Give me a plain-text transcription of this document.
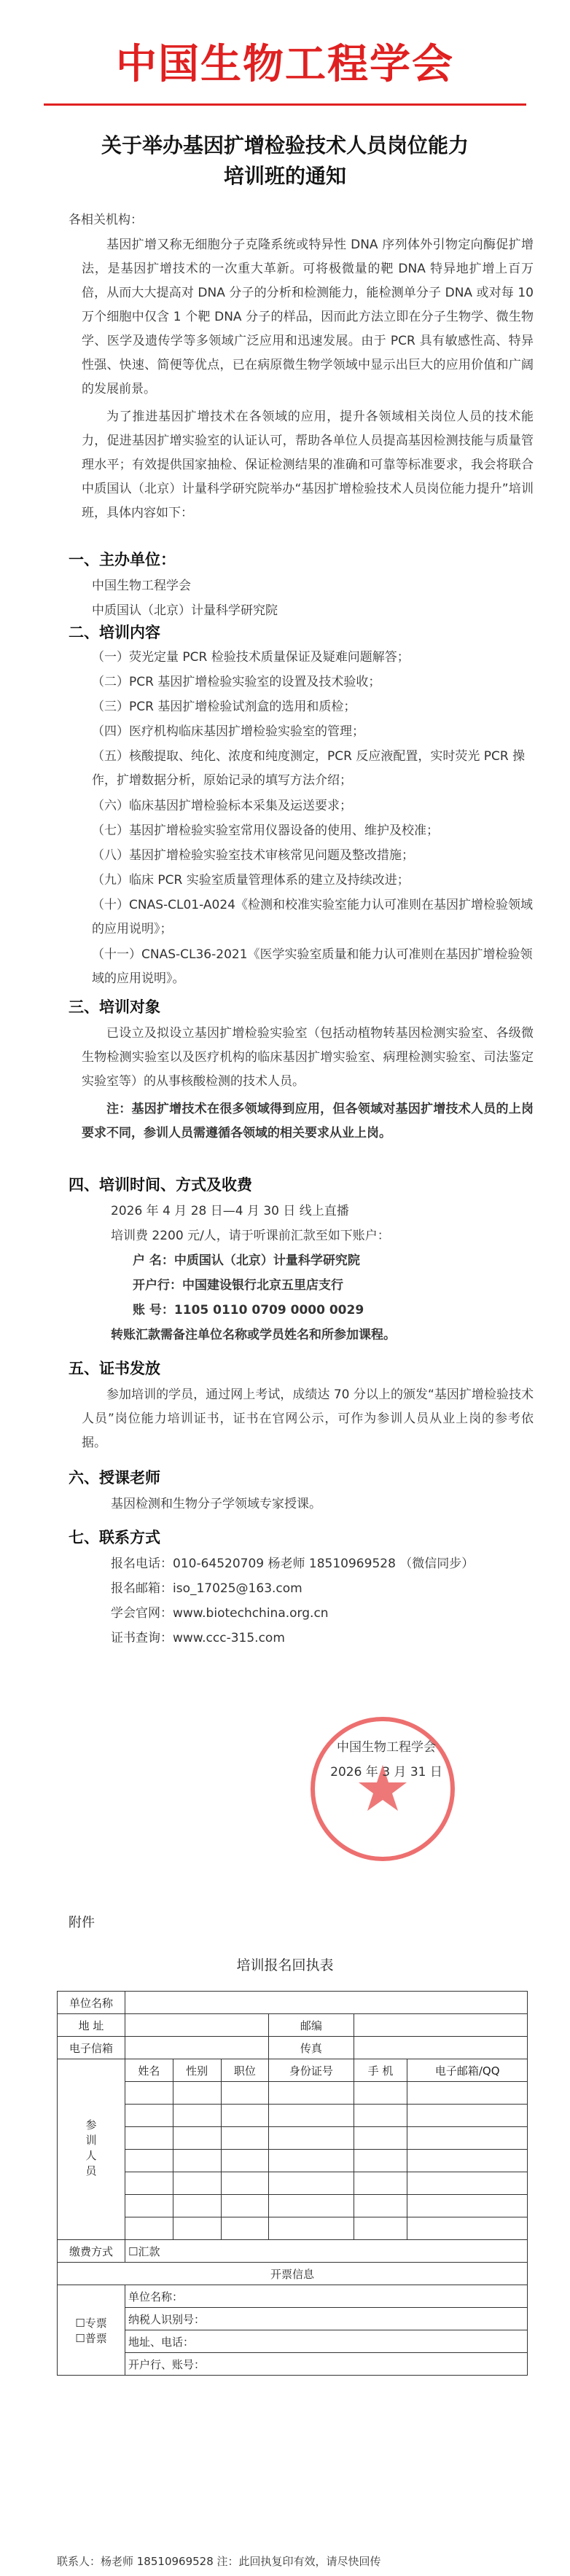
中国生物工程学会
关于举办基因扩增检验技术人员岗位能力
培训班的通知
各相关机构：
基因扩增又称无细胞分子克隆系统或特异性 DNA 序列体外引物定向酶促扩增法，是基因扩增技术的一次重大革新。可将极微量的靶 DNA 特异地扩增上百万倍，从而大大提高对 DNA 分子的分析和检测能力，能检测单分子 DNA 或对每 10 万个细胞中仅含 1 个靶 DNA 分子的样品，因而此方法立即在分子生物学、微生物学、医学及遗传学等多领域广泛应用和迅速发展。由于 PCR 具有敏感性高、特异性强、快速、简便等优点，已在病原微生物学领域中显示出巨大的应用价值和广阔的发展前景。
为了推进基因扩增技术在各领域的应用，提升各领域相关岗位人员的技术能力，促进基因扩增实验室的认证认可，帮助各单位人员提高基因检测技能与质量管理水平；有效提供国家抽检、保证检测结果的准确和可靠等标准要求，我会将联合中质国认（北京）计量科学研究院举办“基因扩增检验技术人员岗位能力提升”培训班，具体内容如下：
一、主办单位：
中国生物工程学会
中质国认（北京）计量科学研究院
二、培训内容
（一）荧光定量 PCR 检验技术质量保证及疑难问题解答；
（二）PCR 基因扩增检验实验室的设置及技术验收；
（三）PCR 基因扩增检验试剂盒的选用和质检；
（四）医疗机构临床基因扩增检验实验室的管理；
（五）核酸提取、纯化、浓度和纯度测定，PCR 反应液配置，实时荧光 PCR 操作，扩增数据分析，原始记录的填写方法介绍；
（六）临床基因扩增检验标本采集及运送要求；
（七）基因扩增检验实验室常用仪器设备的使用、维护及校准；
（八）基因扩增检验实验室技术审核常见问题及整改措施；
（九）临床 PCR 实验室质量管理体系的建立及持续改进；
（十）CNAS-CL01-A024《检测和校准实验室能力认可准则在基因扩增检验领域的应用说明》；
（十一）CNAS-CL36-2021《医学实验室质量和能力认可准则在基因扩增检验领域的应用说明》。
三、培训对象
已设立及拟设立基因扩增检验实验室（包括动植物转基因检测实验室、各级微生物检测实验室以及医疗机构的临床基因扩增实验室、病理检测实验室、司法鉴定实验室等）的从事核酸检测的技术人员。
注：基因扩增技术在很多领域得到应用，但各领域对基因扩增技术人员的上岗要求不同，参训人员需遵循各领域的相关要求从业上岗。
四、培训时间、方式及收费
2026 年 4 月 28 日—4 月 30 日 线上直播
培训费 2200 元/人，请于听课前汇款至如下账户：
户 名：中质国认（北京）计量科学研究院
开户行：中国建设银行北京五里店支行
账 号：1105 0110 0709 0000 0029
转账汇款需备注单位名称或学员姓名和所参加课程。
五、证书发放
参加培训的学员，通过网上考试，成绩达 70 分以上的颁发“基因扩增检验技术人员”岗位能力培训证书，证书在官网公示，可作为参训人员从业上岗的参考依据。
六、授课老师
基因检测和生物分子学领域专家授课。
七、联系方式
报名电话：010-64520709 杨老师 18510969528 （微信同步）
报名邮箱：iso_17025@163.com
学会官网：www.biotechchina.org.cn
证书查询：www.ccc-315.com
中国生物工程学会
2026 年 3 月 31 日
附件
培训报名回执表
单位名称						
地 址				邮编		
电子信箱				传真		
参训人员	姓名	性别	职位	身份证号	手 机	电子邮箱/QQ

缴费方式	☐汇款					
开票信息						
☐专票
☐普票	单位名称：					
	纳税人识别号：					
	地址、电话：					
	开户行、账号：					
联系人：杨老师 18510969528 注：此回执复印有效，请尽快回传
